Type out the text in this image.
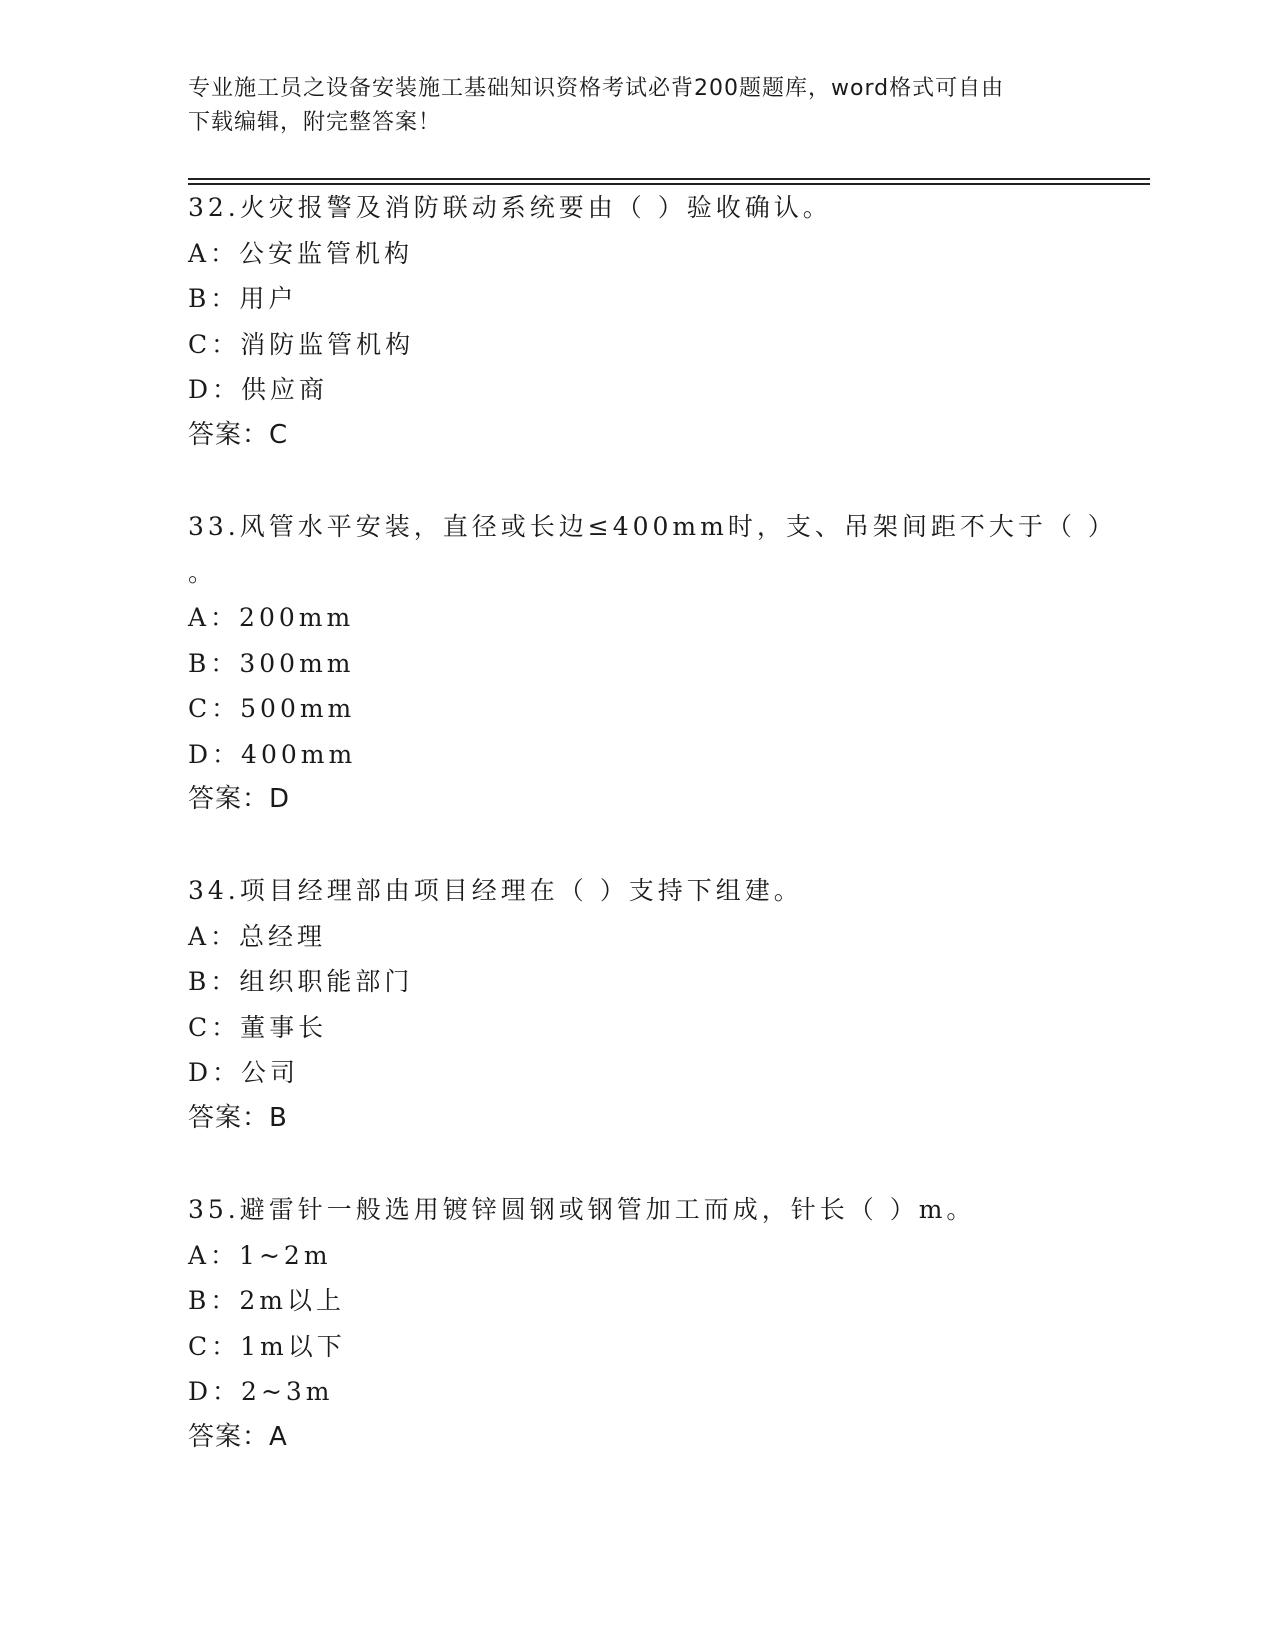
专业施工员之设备安装施工基础知识资格考试必背200题题库，word格式可自由
下载编辑，附完整答案！
32.火灾报警及消防联动系统要由（ ）验收确认。
A：公安监管机构
B：用户
C：消防监管机构
D：供应商
答案：C
33.风管水平安装，直径或长边≤400mm时，支、吊架间距不大于（ ）
。
A：200mm
B：300mm
C：500mm
D：400mm
答案：D
34.项目经理部由项目经理在（ ）支持下组建。
A：总经理
B：组织职能部门
C：董事长
D：公司
答案：B
35.避雷针一般选用镀锌圆钢或钢管加工而成，针长（ ）m。
A：1~2m
B：2m以上
C：1m以下
D：2~3m
答案：A
